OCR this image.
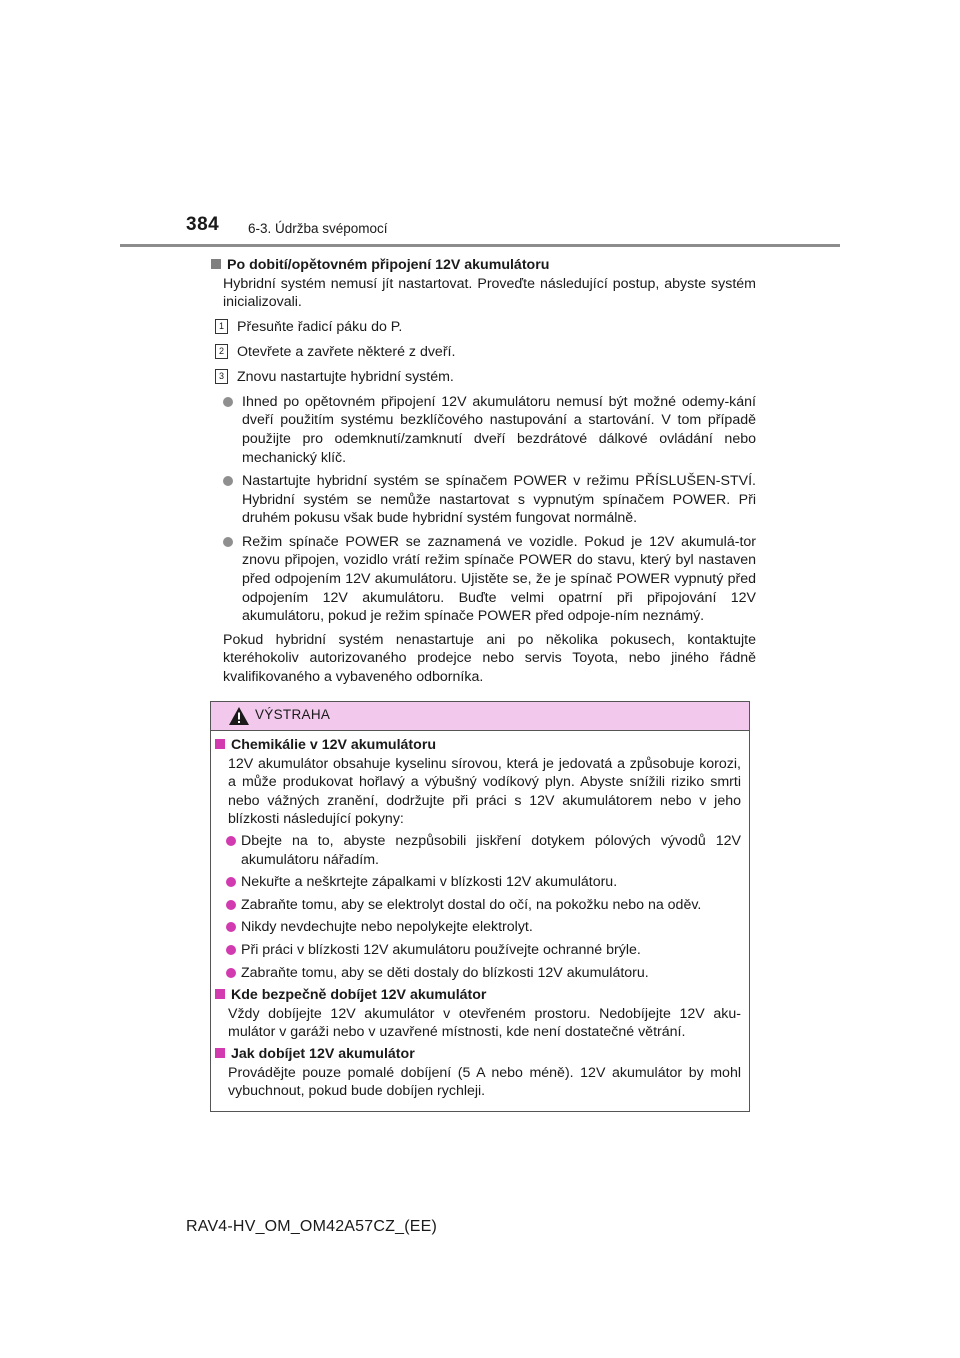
384 6-3. Údržba svépomocí
Po dobití/opětovném připojení 12V akumulátoru
Hybridní systém nemusí jít nastartovat. Proveďte následující postup, abyste systém inicializovali.
1 Přesuňte řadicí páku do P.
2 Otevřete a zavřete některé z dveří.
3 Znovu nastartujte hybridní systém.
Ihned po opětovném připojení 12V akumulátoru nemusí být možné odemy-kání dveří použitím systému bezklíčového nastupování a startování. V tom případě použijte pro odemknutí/zamknutí dveří bezdrátové dálkové ovládání nebo mechanický klíč.
Nastartujte hybridní systém se spínačem POWER v režimu PŘÍSLUŠEN-STVÍ. Hybridní systém se nemůže nastartovat s vypnutým spínačem POWER. Při druhém pokusu však bude hybridní systém fungovat normálně.
Režim spínače POWER se zaznamená ve vozidle. Pokud je 12V akumulá-tor znovu připojen, vozidlo vrátí režim spínače POWER do stavu, který byl nastaven před odpojením 12V akumulátoru. Ujistěte se, že je spínač POWER vypnutý před odpojením 12V akumulátoru. Buďte velmi opatrní při připojování 12V akumulátoru, pokud je režim spínače POWER před odpoje-ním neznámý.
Pokud hybridní systém nenastartuje ani po několika pokusech, kontaktujte kteréhokoliv autorizovaného prodejce nebo servis Toyota, nebo jiného řádně kvalifikovaného a vybaveného odborníka.
VÝSTRAHA
Chemikálie v 12V akumulátoru
12V akumulátor obsahuje kyselinu sírovou, která je jedovatá a způsobuje korozi, a může produkovat hořlavý a výbušný vodíkový plyn. Abyste snížili riziko smrti nebo vážných zranění, dodržujte při práci s 12V akumulátorem nebo v jeho blízkosti následující pokyny:
Dbejte na to, abyste nezpůsobili jiskření dotykem pólových vývodů 12V akumulátoru nářadím.
Nekuřte a neškrtejte zápalkami v blízkosti 12V akumulátoru.
Zabraňte tomu, aby se elektrolyt dostal do očí, na pokožku nebo na oděv.
Nikdy nevdechujte nebo nepolykejte elektrolyt.
Při práci v blízkosti 12V akumulátoru používejte ochranné brýle.
Zabraňte tomu, aby se děti dostaly do blízkosti 12V akumulátoru.
Kde bezpečně dobíjet 12V akumulátor
Vždy dobíjejte 12V akumulátor v otevřeném prostoru. Nedobíjejte 12V aku-mulátor v garáži nebo v uzavřené místnosti, kde není dostatečné větrání.
Jak dobíjet 12V akumulátor
Provádějte pouze pomalé dobíjení (5 A nebo méně). 12V akumulátor by mohl vybuchnout, pokud bude dobíjen rychleji.
RAV4-HV_OM_OM42A57CZ_(EE)
